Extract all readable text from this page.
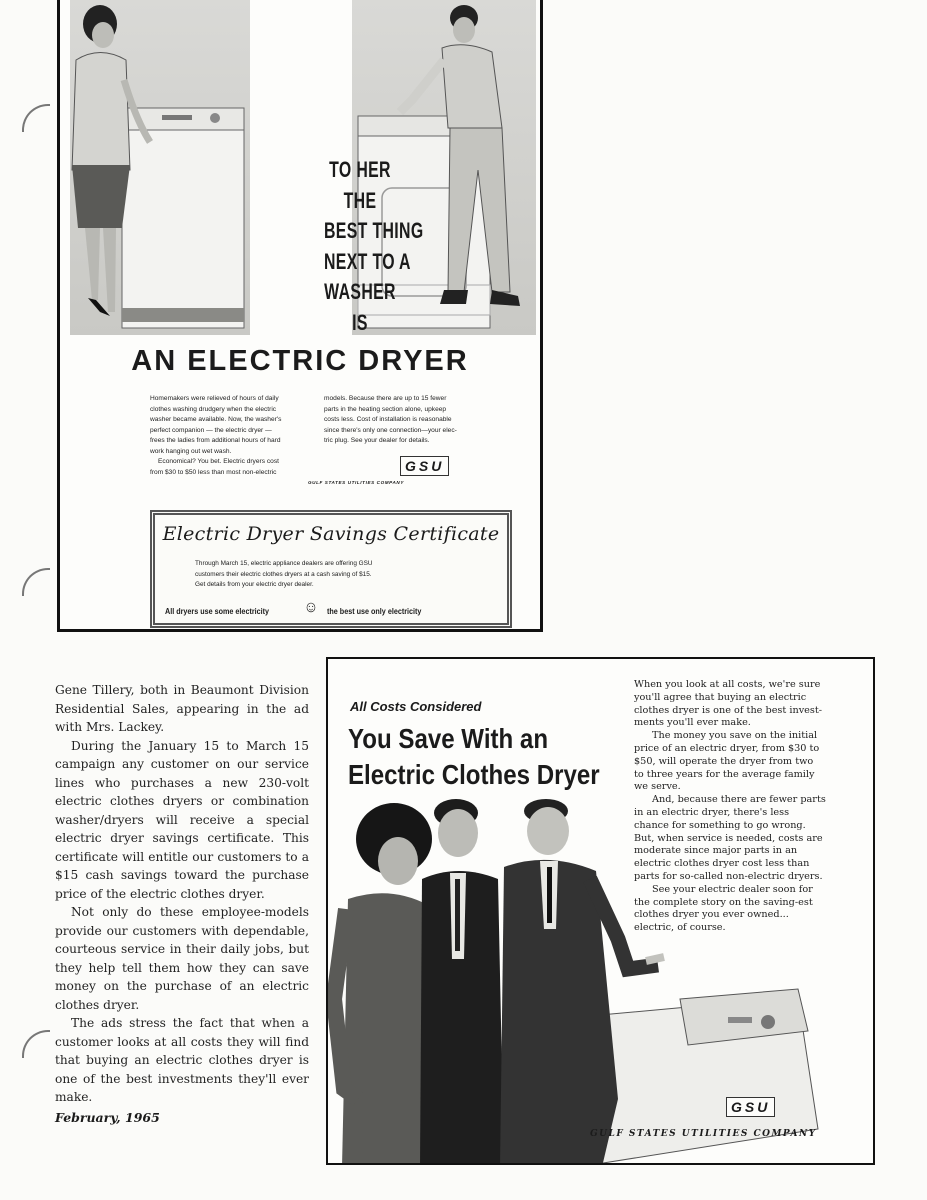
TO HER
THE
BEST THING
NEXT TO A
WASHER
IS
AN ELECTRIC DRYER
Homemakers were relieved of hours of daily
clothes washing drudgery when the electric
washer became available. Now, the washer's
perfect companion — the electric dryer —
frees the ladies from additional hours of hard
work hanging out wet wash.
Economical? You bet. Electric dryers cost
from $30 to $50 less than most non-electric
models. Because there are up to 15 fewer
parts in the heating section alone, upkeep
costs less. Cost of installation is reasonable
since there's only one connection—your elec-
tric plug. See your dealer for details.
GSU
GULF STATES UTILITIES COMPANY
Electric Dryer Savings Certificate
Through March 15, electric appliance dealers are offering GSU
customers their electric clothes dryers at a cash saving of $15.
Get details from your electric dryer dealer.
All dryers use some electricity ☺ the best use only electricity

Gene Tillery, both in Beaumont Division Residential Sales, appearing in the ad with Mrs. Lackey.

During the January 15 to March 15 campaign any customer on our service lines who purchases a new 230-volt electric clothes dryers or combination washer/dryers will receive a special electric dryer savings certificate. This certificate will entitle our customers to a $15 cash savings toward the purchase price of the electric clothes dryer.

Not only do these employee-models provide our customers with dependable, courteous service in their daily jobs, but they help tell them how they can save money on the purchase of an electric clothes dryer.

The ads stress the fact that when a customer looks at all costs they will find that buying an electric clothes dryer is one of the best investments they'll ever make.

February, 1965
All Costs Considered
You Save With an
Electric Clothes Dryer

When you look at all costs, we're sure you'll agree that buying an electric clothes dryer is one of the best investments you'll ever make.

The money you save on the initial price of an electric dryer, from $30 to $50, will operate the dryer from two to three years for the average family we serve.

And, because there are fewer parts in an electric dryer, there's less chance for something to go wrong. But, when service is needed, costs are moderate since major parts in an electric clothes dryer cost less than parts for so-called non-electric dryers.

See your electric dealer soon for the complete story on the saving-est clothes dryer you ever owned... electric, of course.

GSU
GULF STATES UTILITIES COMPANY
